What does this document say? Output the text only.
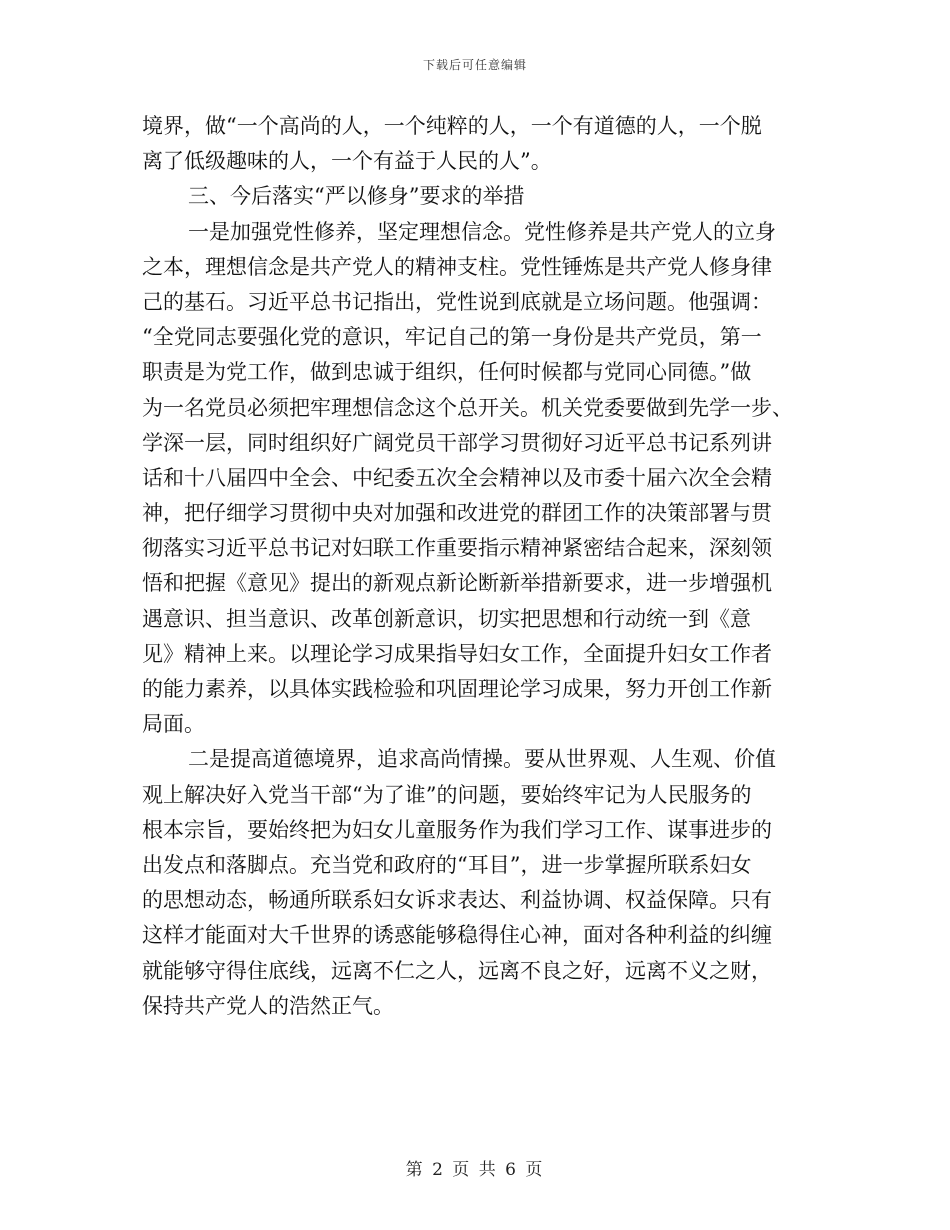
下载后可任意编辑
境界，做“一个高尚的人，一个纯粹的人，一个有道德的人，一个脱
离了低级趣味的人，一个有益于人民的人”。
三、今后落实“严以修身”要求的举措
一是加强党性修养，坚定理想信念。党性修养是共产党人的立身
之本，理想信念是共产党人的精神支柱。党性锤炼是共产党人修身律
己的基石。习近平总书记指出，党性说到底就是立场问题。他强调：
“全党同志要强化党的意识，牢记自己的第一身份是共产党员，第一
职责是为党工作，做到忠诚于组织，任何时候都与党同心同德。”做
为一名党员必须把牢理想信念这个总开关。机关党委要做到先学一步、
学深一层，同时组织好广阔党员干部学习贯彻好习近平总书记系列讲
话和十八届四中全会、中纪委五次全会精神以及市委十届六次全会精
神，把仔细学习贯彻中央对加强和改进党的群团工作的决策部署与贯
彻落实习近平总书记对妇联工作重要指示精神紧密结合起来，深刻领
悟和把握《意见》提出的新观点新论断新举措新要求，进一步增强机
遇意识、担当意识、改革创新意识，切实把思想和行动统一到《意
见》精神上来。以理论学习成果指导妇女工作，全面提升妇女工作者
的能力素养，以具体实践检验和巩固理论学习成果，努力开创工作新
局面。
二是提高道德境界，追求高尚情操。要从世界观、人生观、价值
观上解决好入党当干部“为了谁”的问题，要始终牢记为人民服务的
根本宗旨，要始终把为妇女儿童服务作为我们学习工作、谋事进步的
出发点和落脚点。充当党和政府的“耳目”，进一步掌握所联系妇女
的思想动态，畅通所联系妇女诉求表达、利益协调、权益保障。只有
这样才能面对大千世界的诱惑能够稳得住心神，面对各种利益的纠缠
就能够守得住底线，远离不仁之人，远离不良之好，远离不义之财，
保持共产党人的浩然正气。
第 2 页 共 6 页
